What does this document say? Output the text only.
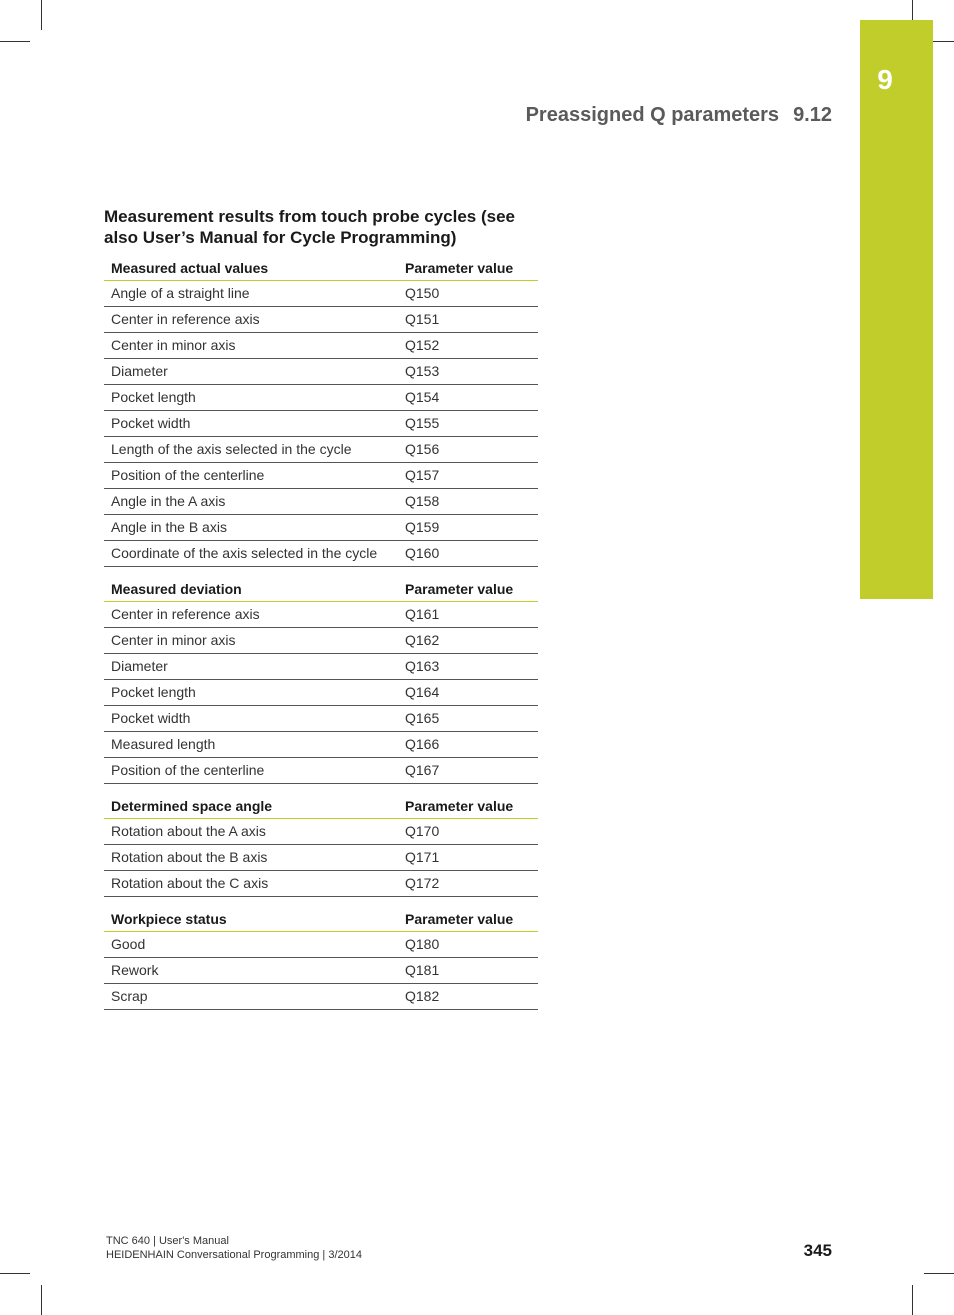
9
Preassigned Q parameters 9.12
Measurement results from touch probe cycles (see also User’s Manual for Cycle Programming)
Measured actual values	Parameter value
Angle of a straight line	Q150
Center in reference axis	Q151
Center in minor axis	Q152
Diameter	Q153
Pocket length	Q154
Pocket width	Q155
Length of the axis selected in the cycle	Q156
Position of the centerline	Q157
Angle in the A axis	Q158
Angle in the B axis	Q159
Coordinate of the axis selected in the cycle	Q160
Measured deviation	Parameter value
Center in reference axis	Q161
Center in minor axis	Q162
Diameter	Q163
Pocket length	Q164
Pocket width	Q165
Measured length	Q166
Position of the centerline	Q167
Determined space angle	Parameter value
Rotation about the A axis	Q170
Rotation about the B axis	Q171
Rotation about the C axis	Q172
Workpiece status	Parameter value
Good	Q180
Rework	Q181
Scrap	Q182
TNC 640 | User's Manual
HEIDENHAIN Conversational Programming | 3/2014	345
